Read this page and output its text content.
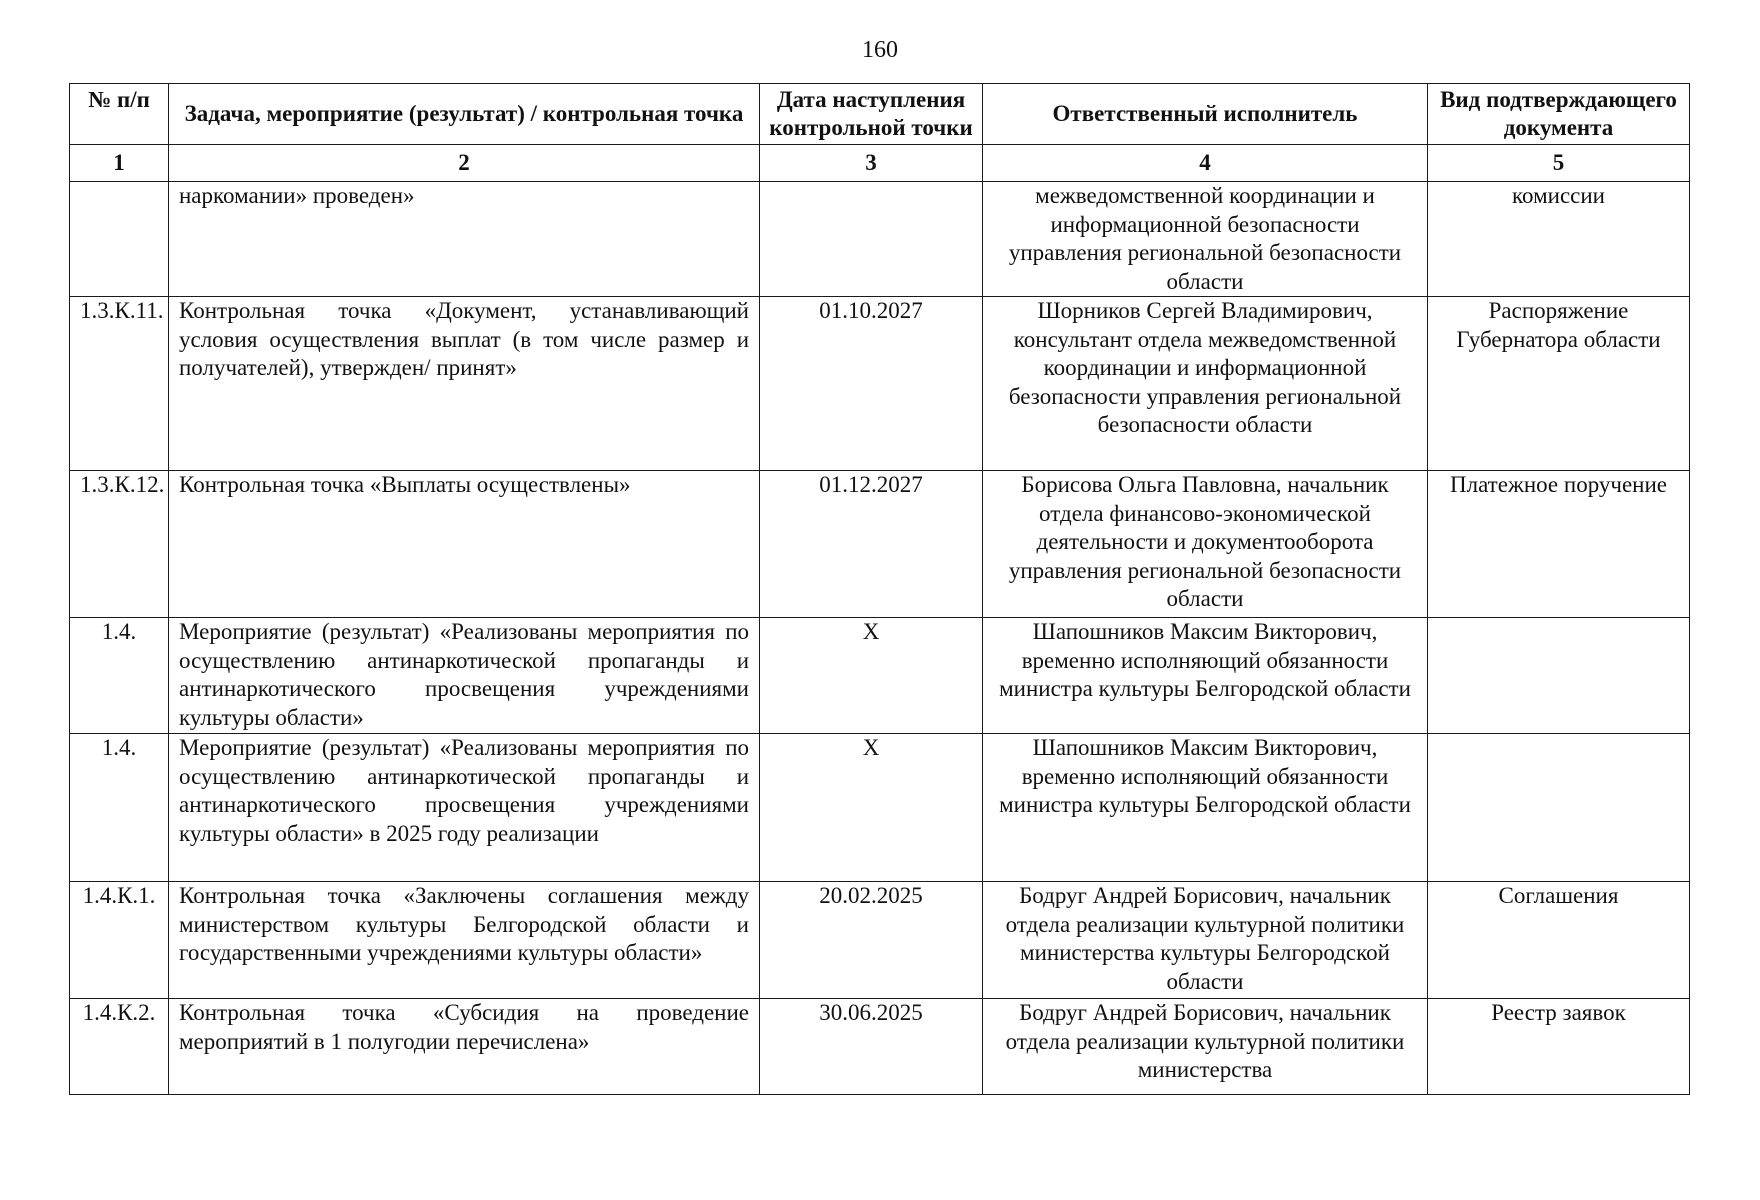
160
№ п/п	Задача, мероприятие (результат) / контрольная точка	Дата наступления контрольной точки	Ответственный исполнитель	Вид подтверждающего документа
1	2	3	4	5
	наркомании» проведен»		межведомственной координации и информационной безопасности управления региональной безопасности области	комиссии
1.3.К.11.	Контрольная точка «Документ, устанавливающий условия осуществления выплат (в том числе размер и получателей), утвержден/ принят»	01.10.2027	Шорников Сергей Владимирович, консультант отдела межведомственной координации и информационной безопасности управления региональной безопасности области	Распоряжение Губернатора области
1.3.К.12.	Контрольная точка «Выплаты осуществлены»	01.12.2027	Борисова Ольга Павловна, начальник отдела финансово-экономической деятельности и документооборота управления региональной безопасности области	Платежное поручение
1.4.	Мероприятие (результат) «Реализованы мероприятия по осуществлению антинаркотической пропаганды и антинаркотического просвещения учреждениями культуры области»	Х	Шапошников Максим Викторович, временно исполняющий обязанности министра культуры Белгородской области	
1.4.	Мероприятие (результат) «Реализованы мероприятия по осуществлению антинаркотической пропаганды и антинаркотического просвещения учреждениями культуры области» в 2025 году реализации	Х	Шапошников Максим Викторович, временно исполняющий обязанности министра культуры Белгородской области	
1.4.К.1.	Контрольная точка «Заключены соглашения между министерством культуры Белгородской области и государственными учреждениями культуры области»	20.02.2025	Бодруг Андрей Борисович, начальник отдела реализации культурной политики министерства культуры Белгородской области	Соглашения
1.4.К.2.	Контрольная точка «Субсидия на проведение мероприятий в 1 полугодии перечислена»	30.06.2025	Бодруг Андрей Борисович, начальник отдела реализации культурной политики министерства	Реестр заявок
